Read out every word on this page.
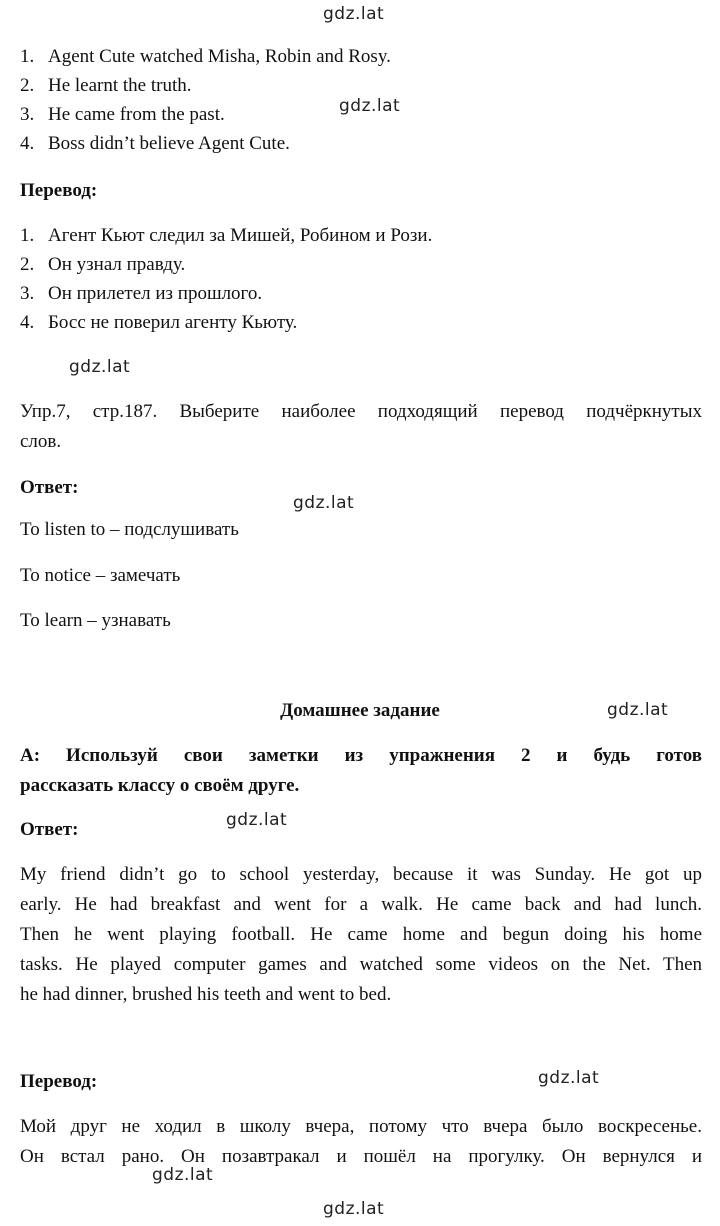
gdz.lat
gdz.lat
gdz.lat
gdz.lat
gdz.lat
gdz.lat
gdz.lat
gdz.lat
gdz.lat
1. Agent Cute watched Misha, Robin and Rosy.
2. He learnt the truth.
3. He came from the past.
4. Boss didn’t believe Agent Cute.
Перевод:
1. Агент Кьют следил за Мишей, Робином и Рози.
2. Он узнал правду.
3. Он прилетел из прошлого.
4. Босс не поверил агенту Кьюту.
Упр.7, стр.187. Выберите наиболее подходящий перевод подчёркнутых
слов.
Ответ:
To listen to – подслушивать
To notice – замечать
To learn – узнавать
Домашнее задание
А: Используй свои заметки из упражнения 2 и будь готов
рассказать классу о своём друге.
Ответ:
My friend didn’t go to school yesterday, because it was Sunday. He got up
early. He had breakfast and went for a walk. He came back and had lunch.
Then he went playing football. He came home and begun doing his home
tasks. He played computer games and watched some videos on the Net. Then
he had dinner, brushed his teeth and went to bed.
Перевод:
Мой друг не ходил в школу вчера, потому что вчера было воскресенье.
Он встал рано. Он позавтракал и пошёл на прогулку. Он вернулся и
